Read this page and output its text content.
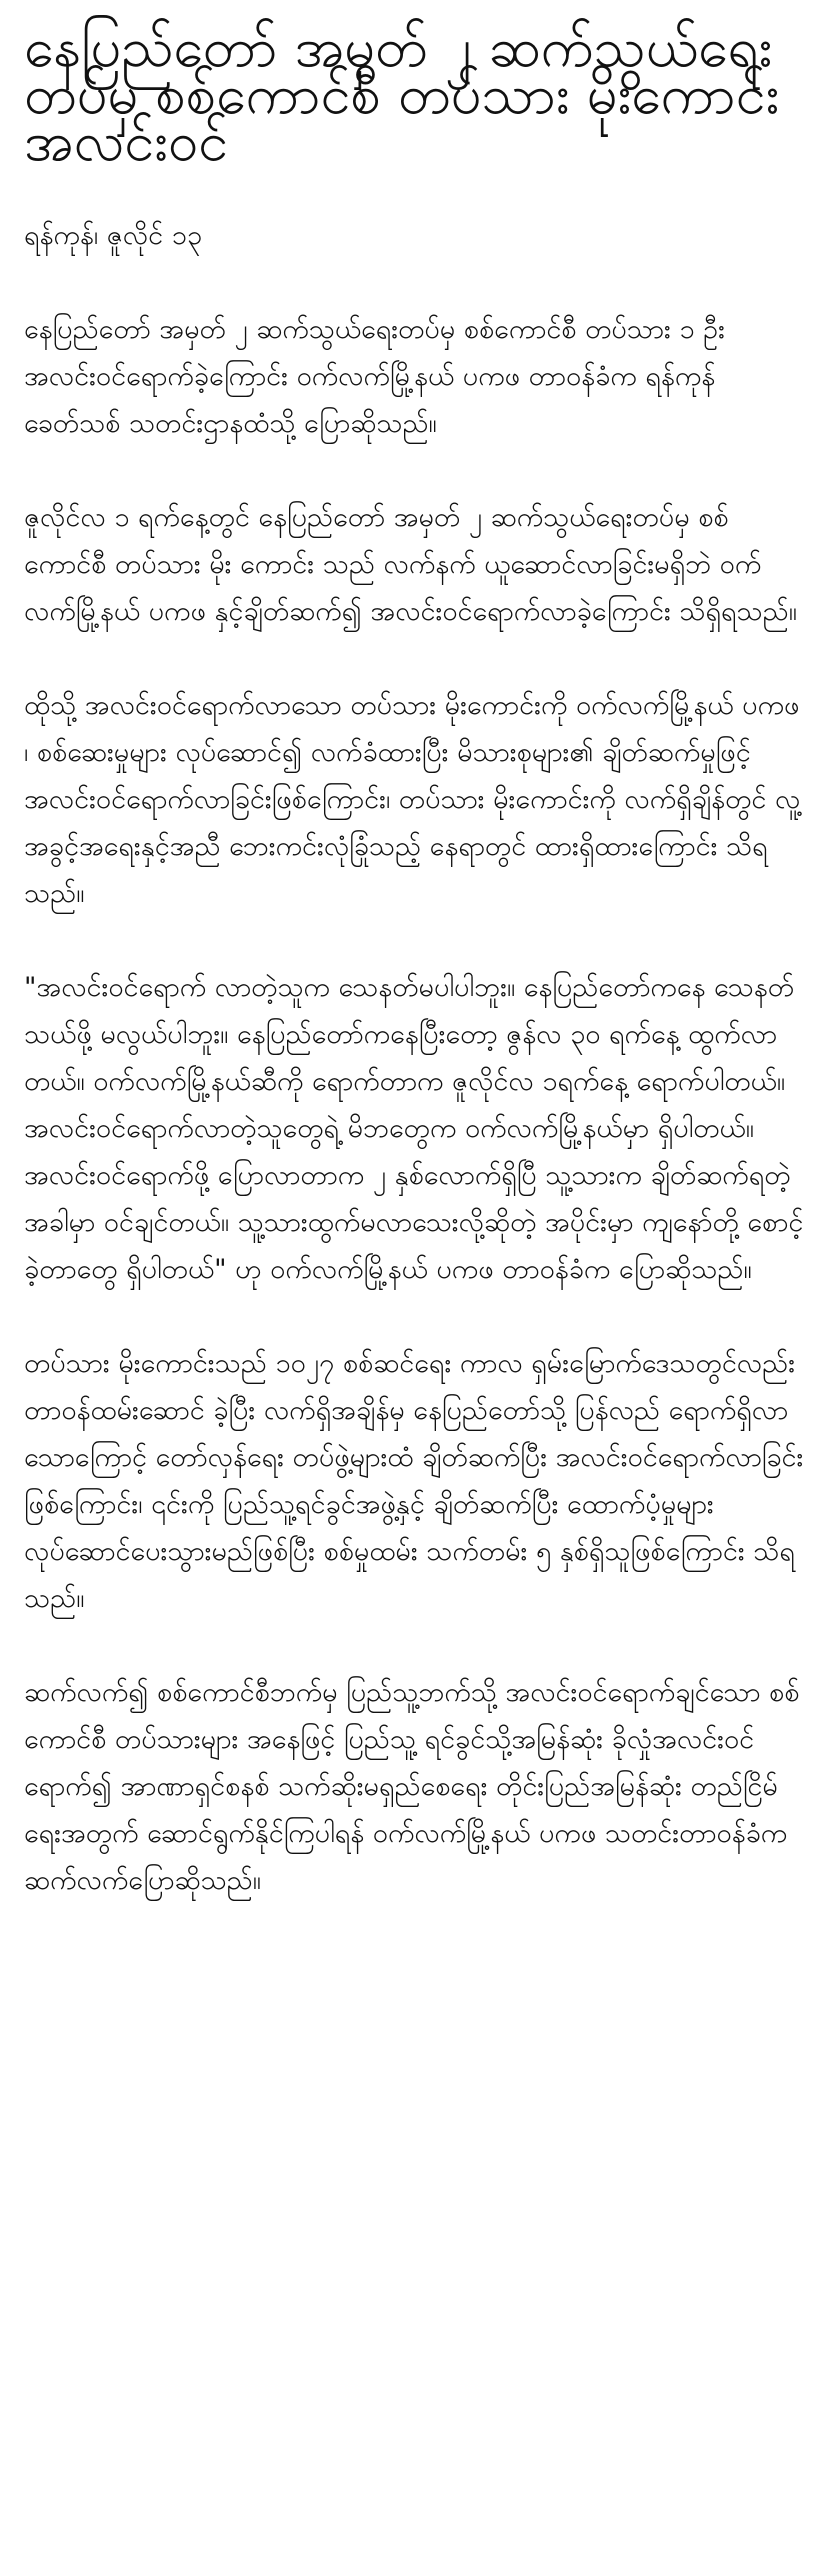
နေပြည်တော် အမှတ် ၂ ဆက်သွယ်ရေးတပ်မှ စစ်ကောင်စီ တပ်သား မိုးကောင်း အလင်းဝင်

ရန်ကုန်၊ ဇူလိုင် ၁၃

နေပြည်တော် အမှတ် ၂ ဆက်သွယ်ရေးတပ်မှ စစ်ကောင်စီ တပ်သား ၁ ဦး အလင်းဝင်ရောက်ခဲ့ကြောင်း ဝက်လက်မြို့နယ် ပကဖ တာဝန်ခံက ရန်ကုန်ခေတ်သစ် သတင်းဌာနထံသို့ ပြောဆိုသည်။

ဇူလိုင်လ ၁ ရက်နေ့တွင် နေပြည်တော် အမှတ် ၂ ဆက်သွယ်ရေးတပ်မှ စစ်ကောင်စီ တပ်သား မိုး ကောင်း သည် လက်နက် ယူဆောင်လာခြင်းမရှိဘဲ ဝက်လက်မြို့နယ် ပကဖ နှင့်ချိတ်ဆက်၍ အလင်းဝင်ရောက်လာခဲ့ကြောင်း သိရှိရသည်။

ထိုသို့ အလင်းဝင်ရောက်လာသော တပ်သား မိုးကောင်းကို ဝက်လက်မြို့နယ် ပကဖ ၊ စစ်ဆေးမှုများ လုပ်ဆောင်၍ လက်ခံထားပြီး မိသားစုများ၏ ချိတ်ဆက်မှုဖြင့် အလင်းဝင်ရောက်လာခြင်းဖြစ်ကြောင်း၊ တပ်သား မိုးကောင်းကို လက်ရှိချိန်တွင် လူ့အခွင့်အရေးနှင့်အညီ ဘေးကင်းလုံခြုံသည့် နေရာတွင် ထားရှိထားကြောင်း သိရသည်။

"အလင်းဝင်ရောက် လာတဲ့သူက သေနတ်မပါပါဘူး။ နေပြည်တော်ကနေ သေနတ်သယ်ဖို့ မလွယ်ပါဘူး။ နေပြည်တော်ကနေပြီးတော့ ဇွန်လ ၃၀ ရက်နေ့ ထွက်လာတယ်။ ဝက်လက်မြို့နယ်ဆီကို ရောက်တာက ဇူလိုင်လ ၁ရက်နေ့ ရောက်ပါတယ်။ အလင်းဝင်ရောက်လာတဲ့သူတွေရဲ့ မိဘတွေက ဝက်လက်မြို့နယ်မှာ ရှိပါတယ်။ အလင်းဝင်ရောက်ဖို့ ပြောလာတာက ၂ နှစ်လောက်ရှိပြီ သူ့သားက ချိတ်ဆက်ရတဲ့အခါမှာ ဝင်ချင်တယ်။ သူ့သားထွက်မလာသေးလို့ဆိုတဲ့ အပိုင်းမှာ ကျနော်တို့ စောင့်ခဲ့တာတွေ ရှိပါတယ်" ဟု ဝက်လက်မြို့နယ် ပကဖ တာဝန်ခံက ပြောဆိုသည်။

တပ်သား မိုးကောင်းသည် ၁၀၂၇ စစ်ဆင်ရေး ကာလ ရှမ်းမြောက်ဒေသတွင်လည်း တာဝန်ထမ်းဆောင် ခဲ့ပြီး လက်ရှိအချိန်မှ နေပြည်တော်သို့ ပြန်လည် ရောက်ရှိလာသောကြောင့် တော်လှန်ရေး တပ်ဖွဲ့များထံ ချိတ်ဆက်ပြီး အလင်းဝင်ရောက်လာခြင်းဖြစ်ကြောင်း၊ ၎င်းကို ပြည်သူ့ရင်ခွင်အဖွဲ့နှင့် ချိတ်ဆက်ပြီး ထောက်ပံ့မှုများ လုပ်ဆောင်ပေးသွားမည်ဖြစ်ပြီး စစ်မှုထမ်း သက်တမ်း ၅ နှစ်ရှိသူဖြစ်ကြောင်း သိရသည်။

ဆက်လက်၍ စစ်ကောင်စီဘက်မှ ပြည်သူ့ဘက်သို့ အလင်းဝင်ရောက်ချင်သော စစ်ကောင်စီ တပ်သားများ အနေဖြင့် ပြည်သူ့ ရင်ခွင်သို့အမြန်ဆုံး ခိုလှုံအလင်းဝင်ရောက်၍ အာဏာရှင်စနစ် သက်ဆိုးမရှည်စေရေး တိုင်းပြည်အမြန်ဆုံး တည်ငြိမ်ရေးအတွက် ဆောင်ရွက်နိုင်ကြပါရန် ဝက်လက်မြို့နယ် ပကဖ သတင်းတာဝန်ခံက ဆက်လက်ပြောဆိုသည်။
